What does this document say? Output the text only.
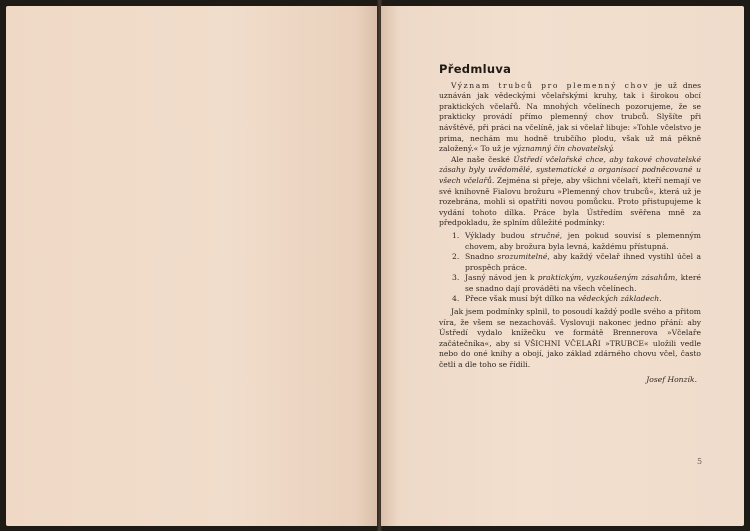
Předmluva

Význam trubců pro plemenný chov je už dnes uznáván jak vědeckými včelařskými kruhy, tak i širokou obcí praktických včelařů. Na mnohých včelínech pozorujeme, že se prakticky provádí přímo plemenný chov trubců. Slyšíte při návštěvě, při práci na včelíně, jak si včelař libuje: »Tohle včelstvo je prima, nechám mu hodně trubčího plodu, však už má pěkně založený.« To už je významný čin chovatelský.

Ale naše české Ústředí včelařské chce, aby takové chovatelské zásahy byly uvědomělé, systematické a organisací podněcované u všech včelařů. Zejména si přeje, aby všichni včelaři, kteří nemají ve své knihovně Fialovu brožuru »Plemenný chov trubců«, která už je rozebrána, mohli si opatřiti novou pomůcku. Proto přistupujeme k vydání tohoto dílka. Práce byla Ústředím svěřena mně za předpokladu, že splním důležité podmínky:

1. Výklady budou stručné, jen pokud souvisí s plemenným chovem, aby brožura byla levná, každému přístupná.
2. Snadno srozumitelné, aby každý včelař ihned vystihl účel a prospěch práce.
3. Jasný návod jen k praktickým, vyzkoušeným zásahům, které se snadno dají prováděti na všech včelínech.
4. Přece však musí být dílko na vědeckých základech.

Jak jsem podmínky splnil, to posoudí každý podle svého a přitom víra, že všem se nezachováš. Vyslovuji nakonec jedno přání: aby Ústředí vydalo knížečku ve formátě Brennerova »Včelaře začátečníka«, aby si VŠICHNI VČELAŘI »TRUBCE« uložili vedle nebo do oné knihy a obojí, jako základ zdárného chovu včel, často četli a dle toho se řídili.

Josef Honzík.
5
